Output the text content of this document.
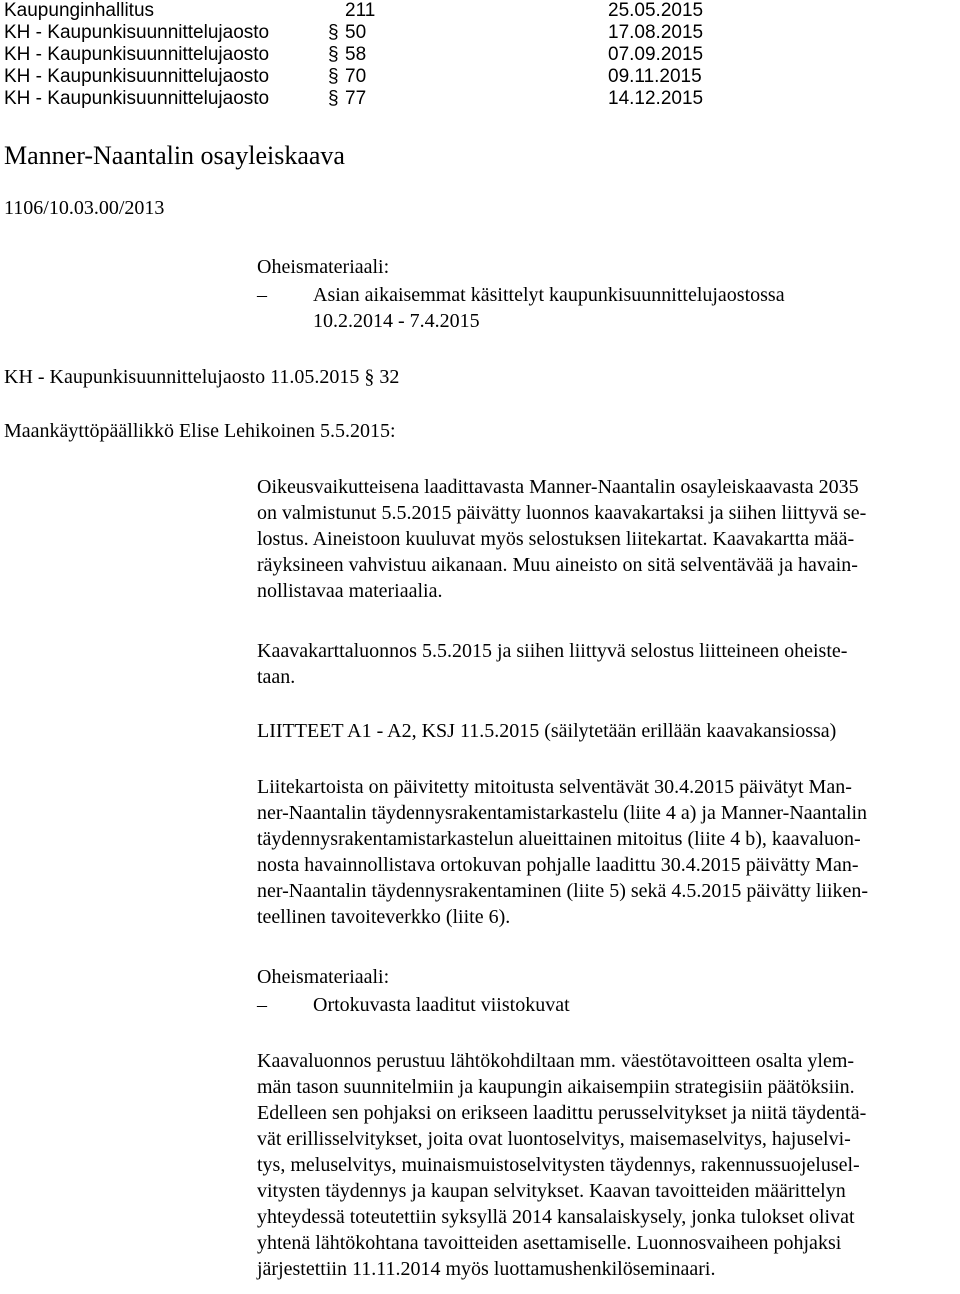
Kaupunginhallitus	211	25.05.2015
KH - Kaupunkisuunnittelujaosto	§ 50	17.08.2015
KH - Kaupunkisuunnittelujaosto	§ 58	07.09.2015
KH - Kaupunkisuunnittelujaosto	§ 70	09.11.2015
KH - Kaupunkisuunnittelujaosto	§ 77	14.12.2015
Manner-Naantalin osayleiskaava
1106/10.03.00/2013
Oheismateriaali:
– Asian aikaisemmat käsittelyt kaupunkisuunnittelujaostossa
10.2.2014 - 7.4.2015
KH - Kaupunkisuunnittelujaosto 11.05.2015 § 32
Maankäyttöpäällikkö Elise Lehikoinen 5.5.2015:
Oikeusvaikutteisena laadittavasta Manner-Naantalin osayleiskaavasta 2035
on valmistunut 5.5.2015 päivätty luonnos kaavakartaksi ja siihen liittyvä se-
lostus. Aineistoon kuuluvat myös selostuksen liitekartat. Kaavakartta mää-
räyksineen vahvistuu aikanaan. Muu aineisto on sitä selventävää ja havain-
nollistavaa materiaalia.
Kaavakarttaluonnos 5.5.2015 ja siihen liittyvä selostus liitteineen oheiste-
taan.
LIITTEET A1 - A2, KSJ 11.5.2015 (säilytetään erillään kaavakansiossa)
Liitekartoista on päivitetty mitoitusta selventävät 30.4.2015 päivätyt Man-
ner-Naantalin täydennysrakentamistarkastelu (liite 4 a) ja Manner-Naantalin
täydennysrakentamistarkastelun alueittainen mitoitus (liite 4 b), kaavaluon-
nosta havainnollistava ortokuvan pohjalle laadittu 30.4.2015 päivätty Man-
ner-Naantalin täydennysrakentaminen (liite 5) sekä 4.5.2015 päivätty liiken-
teellinen tavoiteverkko (liite 6).
Oheismateriaali:
– Ortokuvasta laaditut viistokuvat
Kaavaluonnos perustuu lähtökohdiltaan mm. väestötavoitteen osalta ylem-
män tason suunnitelmiin ja kaupungin aikaisempiin strategisiin päätöksiin.
Edelleen sen pohjaksi on erikseen laadittu perusselvitykset ja niitä täydentä-
vät erillisselvitykset, joita ovat luontoselvitys, maisemaselvitys, hajuselvi-
tys, meluselvitys, muinaismuistoselvitysten täydennys, rakennussuojelusel-
vitysten täydennys ja kaupan selvitykset. Kaavan tavoitteiden määrittelyn
yhteydessä toteutettiin syksyllä 2014 kansalaiskysely, jonka tulokset olivat
yhtenä lähtökohtana tavoitteiden asettamiselle. Luonnosvaiheen pohjaksi
järjestettiin 11.11.2014 myös luottamushenkilöseminaari.
